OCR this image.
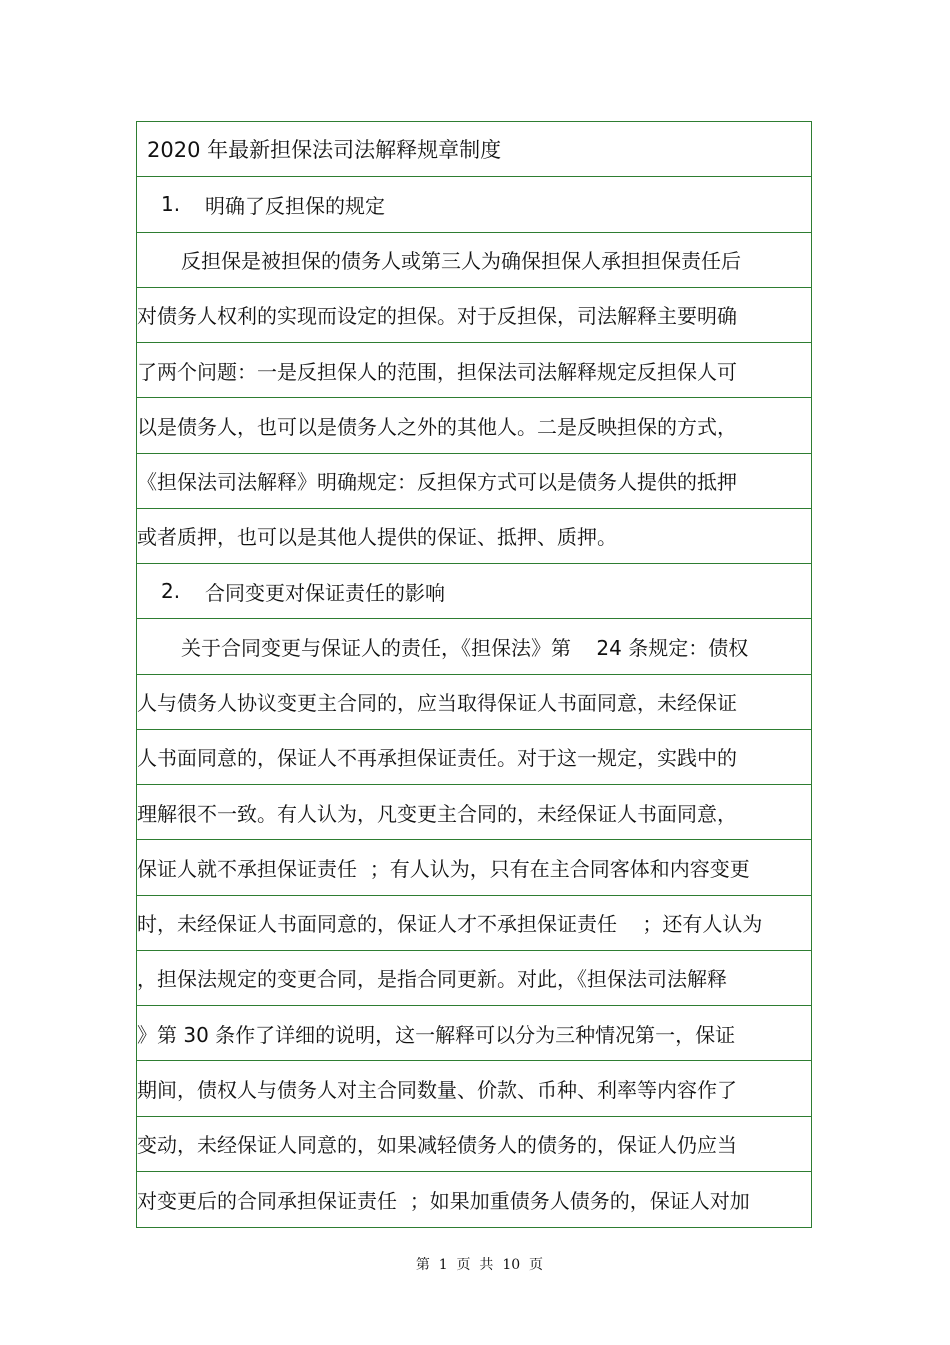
2020 年最新担保法司法解释规章制度
1.	明确了反担保的规定
反担保是被担保的债务人或第三人为确保担保人承担担保责任后
对债务人权利的实现而设定的担保。对于反担保，司法解释主要明确
了两个问题：一是反担保人的范围，担保法司法解释规定反担保人可
以是债务人，也可以是债务人之外的其他人。二是反映担保的方式，
《担保法司法解释》明确规定：反担保方式可以是债务人提供的抵押
或者质押，也可以是其他人提供的保证、抵押、质押。
2.	合同变更对保证责任的影响
关于合同变更与保证人的责任，《担保法》第    24 条规定：债权
人与债务人协议变更主合同的，应当取得保证人书面同意，未经保证
人书面同意的，保证人不再承担保证责任。对于这一规定，实践中的
理解很不一致。有人认为，凡变更主合同的，未经保证人书面同意，
保证人就不承担保证责任  ；有人认为，只有在主合同客体和内容变更
时，未经保证人书面同意的，保证人才不承担保证责任    ；还有人认为
，担保法规定的变更合同，是指合同更新。对此，《担保法司法解释
》第 30 条作了详细的说明，这一解释可以分为三种情况第一，保证
期间，债权人与债务人对主合同数量、价款、币种、利率等内容作了
变动，未经保证人同意的，如果减轻债务人的债务的，保证人仍应当
对变更后的合同承担保证责任  ；如果加重债务人债务的，保证人对加

第  1  页  共  10  页
